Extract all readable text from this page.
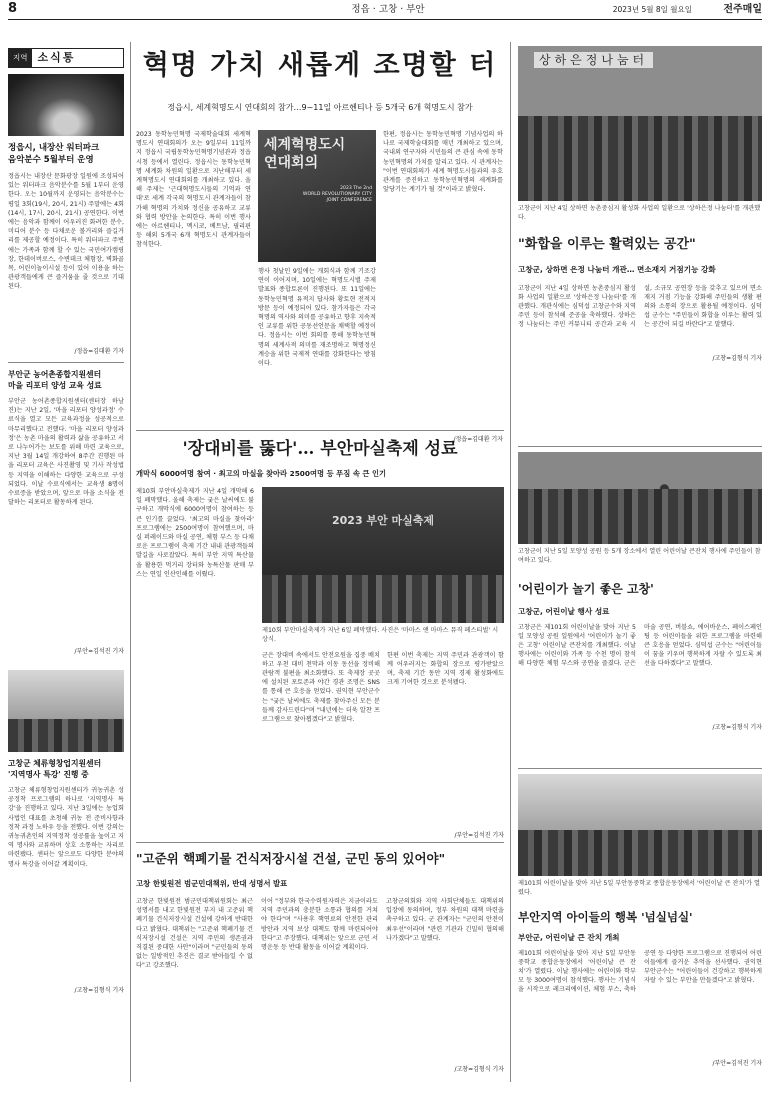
8	정읍 · 고창 · 부안	2023년 5월 8일 월요일	전주매일
지역 소식통
정읍시, 내장산 워터파크
음악분수 5월부터 운영
정읍시는 내장산 문화광장 일원에 조성되어 있는 워터파크 음악분수를 5월 1부터 운영한다. 오는 10월까지 운영되는 음악분수는 평일 3회(19시, 20시, 21시) 주말에는 4회(14시, 17시, 20시, 21시) 공연한다. 이번에는 음악과 함께이 어우러진 화려한 분수, 미디어 분수 등 다채로운 볼거리와 즐길거리를 제공할 예정이다. 특히 워터파크 주변에는 가족과 함께 할 수 있는 국민여가캠핑장, 한데이버로스, 수변데크 체험장, 벽화골목, 어린이놀이시설 등이 있어 이용을 하는 관광객들에게 큰 즐거움을 줄 것으로 기대된다.
/정읍=김대환 기자
부안군 농어촌종합지원센터
마을 리포터 양성 교육 성료
부안군 농어촌종합지원센터(센터장 하남진)는 지난 2일, '마을 리포터 양성과정' 수료식을 열고 모든 교육과정을 성공적으로 마무리했다고 전했다. '마을 리포터 양성과정'은 농촌 마을의 활력과 삶을 공유하고 서로 나누어가는 보도를 위해 마련 교육으로, 지난 3월 14일 개강하여 8주간 진행된 마을 리포터 교육은 사진촬영 및 기사 작성법 등 지역을 이해하는 다양한 교육으로 구성되었다. 이날 수료식에서는 교육생 8명이 수료증을 받았으며, 앞으로 마을 소식을 전달하는 리포터로 활동하게 된다.
/부안=김석진 기자
고창군 체류형창업지원센터
'지역명사 특강' 진행 중
고창군 체류형창업지원센터가 귀농귀촌 성공정착 프로그램의 하나로 '지역명사 특강'을 진행하고 있다. 지난 3일에는 농업회사법인 대표를 초청해 귀농 전 준비사항과 정착 과정 노하우 등을 전했다. 이번 강의는 귀농귀촌인의 지역정착 성공률을 높이고 지역 명사와 교류하며 상호 소통하는 자리로 마련됐다. 센터는 앞으로도 다양한 분야의 명사 특강을 이어갈 계획이다.
/고창=김형식 기자
혁명 가치 새롭게 조명할 터
정읍시, 세계혁명도시 연대회의 참가…9~11일 아르헨티나 등 5개국 6개 혁명도시 참가
2023 동학농민혁명 국제학술대회 세계혁명도시 연대회의가 오는 9일부터 11일까지 정읍시 국립동학농민혁명기념관과 정읍시청 등에서 열린다. 정읍시는 동학농민혁명 세계화 차원의 일환으로 지난해부터 세계혁명도시 연대회의를 개최하고 있다. 올해 주제는 '근대혁명도시들의 기억과 연대'로 세계 각국의 혁명도시 관계자들이 참가해 혁명의 가치와 정신을 공유하고 교류와 협력 방안을 논의한다. 특히 이번 행사에는 아르헨티나, 멕시코, 베트남, 필리핀 등 해외 5개국 6개 혁명도시 관계자들이 참석한다.
세계혁명도시
연대회의
2023 The 2nd
WORLD REVOLUTIONARY CITY
JOINT CONFERENCE
행사 첫날인 9일에는 개회식과 함께 기조강연이 이어지며, 10일에는 혁명도시별 주제발표와 종합토론이 진행된다. 또 11일에는 동학농민혁명 유적지 답사와 황토현 전적지 방문 등이 예정되어 있다. 참가자들은 각국 혁명의 역사와 의미를 공유하고 향후 지속적인 교류를 위한 공동선언문을 채택할 예정이다. 정읍시는 이번 회의를 통해 동학농민혁명의 세계사적 의미를 재조명하고 혁명정신 계승을 위한 국제적 연대를 강화한다는 방침이다.
한편, 정읍시는 동학농민혁명 기념사업의 하나로 국제학술대회를 매년 개최하고 있으며, 국내외 연구자와 시민들의 큰 관심 속에 동학농민혁명의 가치를 알리고 있다. 시 관계자는 "이번 연대회의가 세계 혁명도시들과의 우호관계를 증진하고 동학농민혁명의 세계화를 앞당기는 계기가 될 것"이라고 밝혔다.
/정읍=김대환 기자
상하은정나눔터
고창군이 지난 4일 상하면 농촌중심지 활성화 사업의 일환으로 '상하은정 나눔터'를 개관했다.
"화합을 이루는 활력있는 공간"
고창군, 상하면 은정 나눔터 개관… 면소재지 거점기능 강화
고창군이 지난 4일 상하면 농촌중심지 활성화 사업의 일환으로 '상하은정 나눔터'를 개관했다. 개관식에는 심덕섭 고창군수와 지역 주민 등이 참석해 준공을 축하했다. 상하은정 나눔터는 주민 커뮤니티 공간과 교육 시설, 소규모 공연장 등을 갖추고 있으며 면소재지 거점 기능을 강화해 주민들의 생활 편의와 소통의 장으로 활용될 예정이다. 심덕섭 군수는 "주민들이 화합을 이루는 활력 있는 공간이 되길 바란다"고 말했다.
/고창=김형식 기자
'장대비를 뚫다'… 부안마실축제 성료
개막식 6000여명 참여 · 최고의 마실을 찾아라 2500여명 등 푸짐 속 큰 인기
제10회 부안마실축제가 지난 4일 개막해 6일 폐막했다. 올해 축제는 궂은 날씨에도 불구하고 개막식에 6000여명이 참여하는 등 큰 인기를 끌었다. '최고의 마실을 찾아라' 프로그램에는 2500여명이 참여했으며, 마실 퍼레이드와 마실 공연, 체험 부스 등 다채로운 프로그램이 축제 기간 내내 관광객들의 발길을 사로잡았다. 특히 부안 지역 특산물을 활용한 먹거리 장터와 농특산물 판매 부스는 연일 인산인해를 이뤘다.
2023 부안 마실축제
제10회 부안마실축제가 지난 6일 폐막했다. 사진은 '마마스 앤 마마스 뮤직 페스티벌' 시상식.
군은 장대비 속에서도 안전요원을 집중 배치하고 우천 대비 천막과 이동 동선을 정비해 관람객 불편을 최소화했다. 또 축제장 곳곳에 설치된 포토존과 야간 경관 조명은 SNS를 통해 큰 호응을 얻었다. 권익현 부안군수는 "궂은 날씨에도 축제를 찾아주신 모든 분들께 감사드린다"며 "내년에는 더욱 알찬 프로그램으로 찾아뵙겠다"고 밝혔다.
한편 이번 축제는 지역 주민과 관광객이 함께 어우러지는 화합의 장으로 평가받았으며, 축제 기간 동안 지역 경제 활성화에도 크게 기여한 것으로 분석됐다.
/부안=김석진 기자
고창군이 지난 5일 모양성 공원 등 5개 장소에서 열린 어린이날 큰잔치 행사에 주민들이 참여하고 있다.
'어린이가 놀기 좋은 고창'
고창군, 어린이날 행사 성료
고창군은 제101회 어린이날을 맞아 지난 5일 모양성 공원 일원에서 '어린이가 놀기 좋은 고창' 어린이날 큰잔치를 개최했다. 이날 행사에는 어린이와 가족 등 수천 명이 참석해 다양한 체험 부스와 공연을 즐겼다. 군은 마술 공연, 버블쇼, 에어바운스, 페이스페인팅 등 어린이들을 위한 프로그램을 마련해 큰 호응을 얻었다. 심덕섭 군수는 "어린이들이 꿈을 키우며 행복하게 자랄 수 있도록 최선을 다하겠다"고 말했다.
/고창=김형식 기자
"고준위 핵폐기물 건식저장시설 건설, 군민 동의 있어야"
고창 한빛원전 범군민대책위, 반대 성명서 발표
고창군 한빛원전 범군민대책위원회는 최근 성명서를 내고 한빛원전 부지 내 고준위 핵폐기물 건식저장시설 건설에 강하게 반대한다고 밝혔다. 대책위는 "고준위 핵폐기물 건식저장시설 건설은 지역 주민의 생존권과 직결된 중대한 사안"이라며 "군민들의 동의 없는 일방적인 추진은 결코 받아들일 수 없다"고 강조했다.
이어 "정부와 한국수력원자력은 지금이라도 지역 주민과의 충분한 소통과 협의를 거쳐야 한다"며 "사용후 핵연료의 안전한 관리 방안과 지역 보상 대책도 함께 마련되어야 한다"고 주장했다. 대책위는 앞으로 군민 서명운동 등 반대 활동을 이어갈 계획이다.
고창군의회와 지역 사회단체들도 대책위의 입장에 동의하며, 정부 차원의 대책 마련을 촉구하고 있다. 군 관계자는 "군민의 안전이 최우선"이라며 "관련 기관과 긴밀히 협의해 나가겠다"고 말했다.
/고창=김형식 기자
제101회 어린이날을 맞아 지난 5일 부안동중학교 종합운동장에서 '어린이날 큰 잔치'가 열렸다.
부안지역 아이들의 행복 '넘실넘실'
부안군, 어린이날 큰 잔치 개최
제101회 어린이날을 맞아 지난 5일 부안동중학교 종합운동장에서 '어린이날 큰 잔치'가 열렸다. 이날 행사에는 어린이와 학부모 등 3000여명이 참석했다. 행사는 기념식을 시작으로 레크리에이션, 체험 부스, 축하 공연 등 다양한 프로그램으로 진행되어 어린이들에게 즐거운 추억을 선사했다. 권익현 부안군수는 "어린이들이 건강하고 행복하게 자랄 수 있는 부안을 만들겠다"고 밝혔다.
/부안=김석진 기자
